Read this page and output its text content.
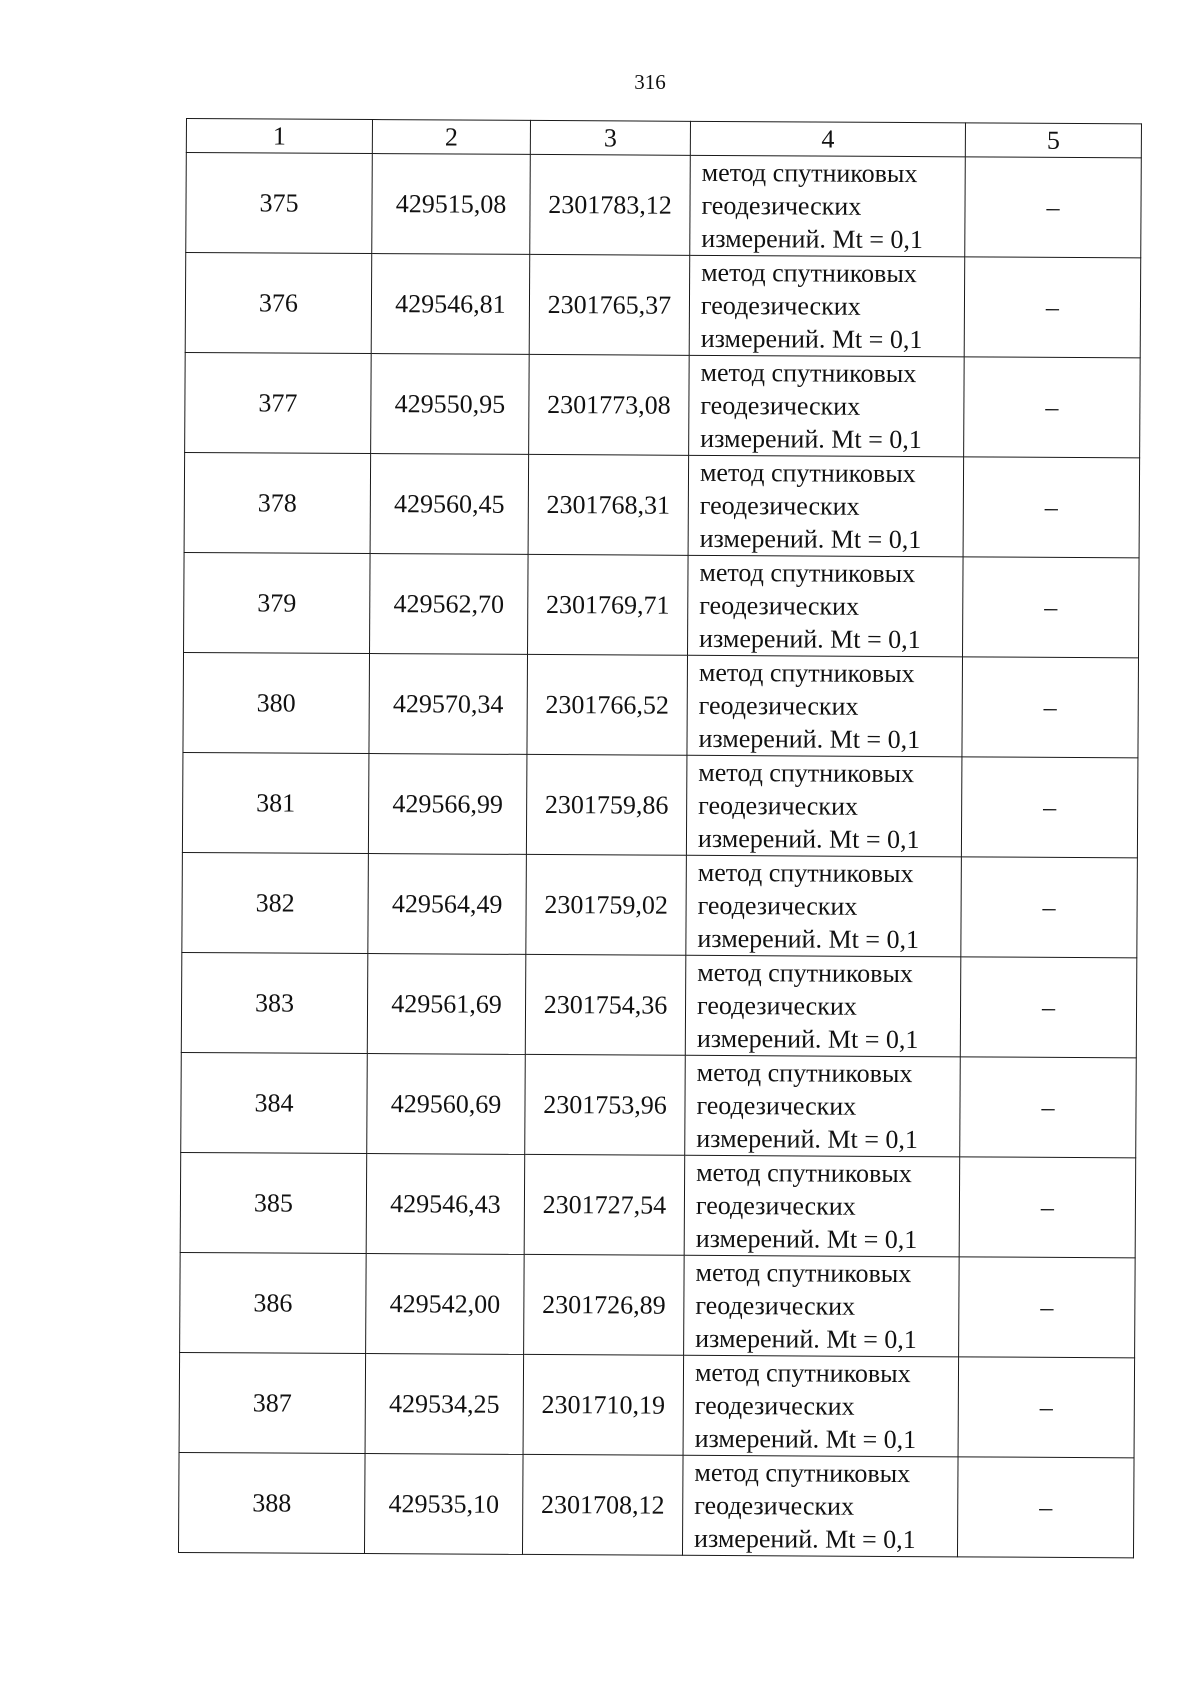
316
1	2	3	4	5
375	429515,08	2301783,12	метод спутниковых
геодезических
измерений. Mt = 0,1	–
376	429546,81	2301765,37	метод спутниковых
геодезических
измерений. Mt = 0,1	–
377	429550,95	2301773,08	метод спутниковых
геодезических
измерений. Mt = 0,1	–
378	429560,45	2301768,31	метод спутниковых
геодезических
измерений. Mt = 0,1	–
379	429562,70	2301769,71	метод спутниковых
геодезических
измерений. Mt = 0,1	–
380	429570,34	2301766,52	метод спутниковых
геодезических
измерений. Mt = 0,1	–
381	429566,99	2301759,86	метод спутниковых
геодезических
измерений. Mt = 0,1	–
382	429564,49	2301759,02	метод спутниковых
геодезических
измерений. Mt = 0,1	–
383	429561,69	2301754,36	метод спутниковых
геодезических
измерений. Mt = 0,1	–
384	429560,69	2301753,96	метод спутниковых
геодезических
измерений. Mt = 0,1	–
385	429546,43	2301727,54	метод спутниковых
геодезических
измерений. Mt = 0,1	–
386	429542,00	2301726,89	метод спутниковых
геодезических
измерений. Mt = 0,1	–
387	429534,25	2301710,19	метод спутниковых
геодезических
измерений. Mt = 0,1	–
388	429535,10	2301708,12	метод спутниковых
геодезических
измерений. Mt = 0,1	–
